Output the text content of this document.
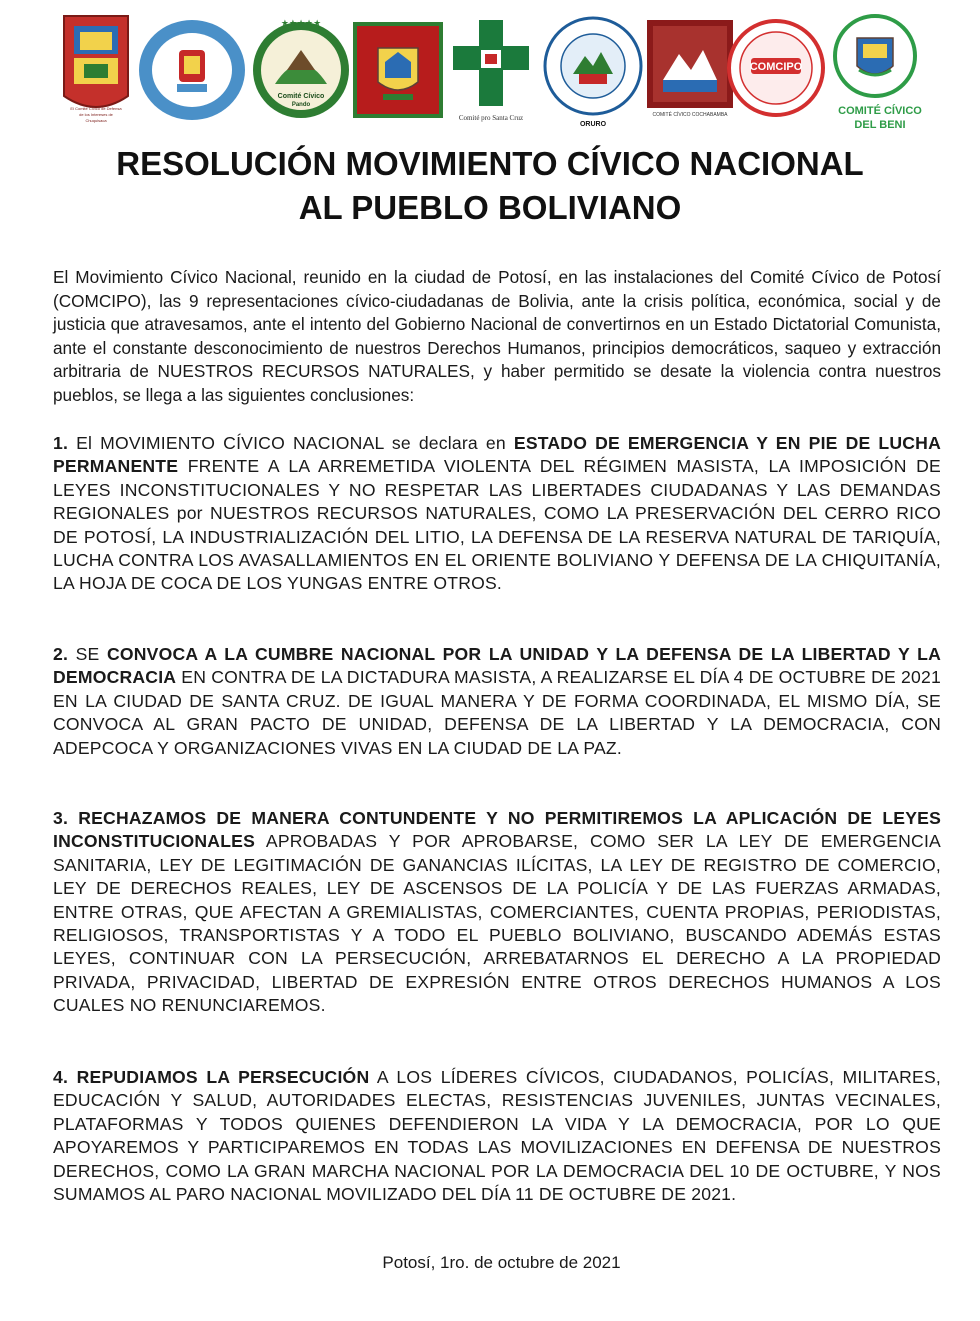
El Comité Cívico de Defensa
de los Intereses de
Chuquisaca
Comité Cívico
Pando
★★★★★
Comité pro Santa Cruz
ORURO
COMITÉ CÍVICO COCHABAMBA
COMCIPO
COMITÉ CÍVICO
DEL BENI
RESOLUCIÓN MOVIMIENTO CÍVICO NACIONAL
AL PUEBLO BOLIVIANO

El Movimiento Cívico Nacional, reunido en la ciudad de Potosí, en las instalaciones del Comité Cívico de Potosí (COMCIPO), las 9 representaciones cívico-ciudadanas de Bolivia, ante la crisis política, económica, social y de justicia que atravesamos, ante el intento del Gobierno Nacional de convertirnos en un Estado Dictatorial Comunista, ante el constante desconocimiento de nuestros Derechos Humanos, principios democráticos, saqueo y extracción arbitraria de NUESTROS RECURSOS NATURALES, y haber permitido se desate la violencia contra nuestros pueblos, se llega a las siguientes conclusiones:

1. El MOVIMIENTO CÍVICO NACIONAL se declara en ESTADO DE EMERGENCIA Y EN PIE DE LUCHA PERMANENTE FRENTE A LA ARREMETIDA VIOLENTA DEL RÉGIMEN MASISTA, LA IMPOSICIÓN DE LEYES INCONSTITUCIONALES Y NO RESPETAR LAS LIBERTADES CIUDADANAS Y LAS DEMANDAS REGIONALES por NUESTROS RECURSOS NATURALES, COMO LA PRESERVACIÓN DEL CERRO RICO DE POTOSÍ, LA INDUSTRIALIZACIÓN DEL LITIO, LA DEFENSA DE LA RESERVA NATURAL DE TARIQUÍA, LUCHA CONTRA LOS AVASALLAMIENTOS EN EL ORIENTE BOLIVIANO Y DEFENSA DE LA CHIQUITANÍA, LA HOJA DE COCA DE LOS YUNGAS ENTRE OTROS.

2. SE CONVOCA A LA CUMBRE NACIONAL POR LA UNIDAD Y LA DEFENSA DE LA LIBERTAD Y LA DEMOCRACIA EN CONTRA DE LA DICTADURA MASISTA, A REALIZARSE EL DÍA 4 DE OCTUBRE DE 2021 EN LA CIUDAD DE SANTA CRUZ. DE IGUAL MANERA Y DE FORMA COORDINADA, EL MISMO DÍA, SE CONVOCA AL GRAN PACTO DE UNIDAD, DEFENSA DE LA LIBERTAD Y LA DEMOCRACIA, CON ADEPCOCA Y ORGANIZACIONES VIVAS EN LA CIUDAD DE LA PAZ.

3. RECHAZAMOS DE MANERA CONTUNDENTE Y NO PERMITIREMOS LA APLICACIÓN DE LEYES INCONSTITUCIONALES APROBADAS Y POR APROBARSE, COMO SER LA LEY DE EMERGENCIA SANITARIA, LEY DE LEGITIMACIÓN DE GANANCIAS ILÍCITAS, LA LEY DE REGISTRO DE COMERCIO, LEY DE DERECHOS REALES, LEY DE ASCENSOS DE LA POLICÍA Y DE LAS FUERZAS ARMADAS, ENTRE OTRAS, QUE AFECTAN A GREMIALISTAS, COMERCIANTES, CUENTA PROPIAS, PERIODISTAS, RELIGIOSOS, TRANSPORTISTAS Y A TODO EL PUEBLO BOLIVIANO, BUSCANDO ADEMÁS ESTAS LEYES, CONTINUAR CON LA PERSECUCIÓN, ARREBATARNOS EL DERECHO A LA PROPIEDAD PRIVADA, PRIVACIDAD, LIBERTAD DE EXPRESIÓN ENTRE OTROS DERECHOS HUMANOS A LOS CUALES NO RENUNCIAREMOS.

4. REPUDIAMOS LA PERSECUCIÓN A LOS LÍDERES CÍVICOS, CIUDADANOS, POLICÍAS, MILITARES, EDUCACIÓN Y SALUD, AUTORIDADES ELECTAS, RESISTENCIAS JUVENILES, JUNTAS VECINALES, PLATAFORMAS Y TODOS QUIENES DEFENDIERON LA VIDA Y LA DEMOCRACIA, POR LO QUE APOYAREMOS Y PARTICIPAREMOS EN TODAS LAS MOVILIZACIONES EN DEFENSA DE NUESTROS DERECHOS, COMO LA GRAN MARCHA NACIONAL POR LA DEMOCRACIA DEL 10 DE OCTUBRE, Y NOS SUMAMOS AL PARO NACIONAL MOVILIZADO DEL DÍA 11 DE OCTUBRE DE 2021.

Potosí, 1ro. de octubre de 2021
